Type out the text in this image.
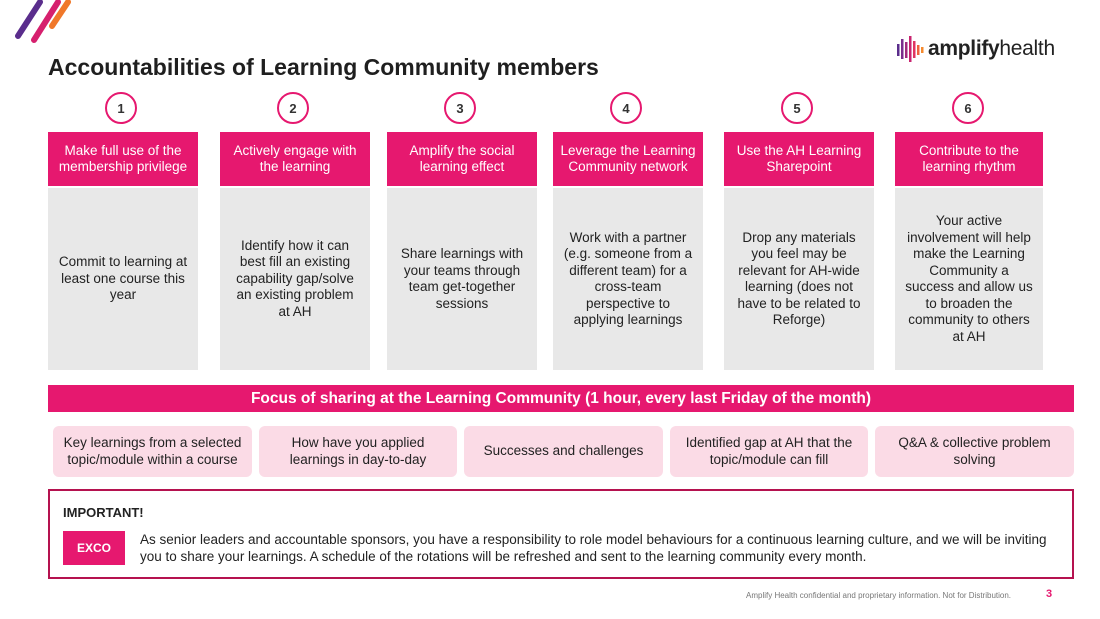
Accountabilities of Learning Community members
amplifyhealth
1
Make full use of the membership privilege
Commit to learning at least one course this year
2
Actively engage with the learning
Identify how it can best fill an existing capability gap/solve an existing problem at AH
3
Amplify the social learning effect
Share learnings with your teams through team get-together sessions
4
Leverage the Learning Community network
Work with a partner (e.g. someone from a different team) for a cross-team perspective to applying learnings
5
Use the AH Learning Sharepoint
Drop any materials you feel may be relevant for AH-wide learning (does not have to be related to Reforge)
6
Contribute to the learning rhythm
Your active involvement will help make the Learning Community a success and allow us to broaden the community to others at AH
Focus of sharing at the Learning Community (1 hour, every last Friday of the month)
Key learnings from a selected topic/module within a course
How have you applied learnings in day-to-day
Successes and challenges
Identified gap at AH that the topic/module can fill
Q&A & collective problem solving
IMPORTANT!
EXCO
As senior leaders and accountable sponsors, you have a responsibility to role model behaviours for a continuous learning culture, and we will be inviting you to share your learnings. A schedule of the rotations will be refreshed and sent to the learning community every month.
Amplify Health confidential and proprietary information. Not for Distribution.	3
